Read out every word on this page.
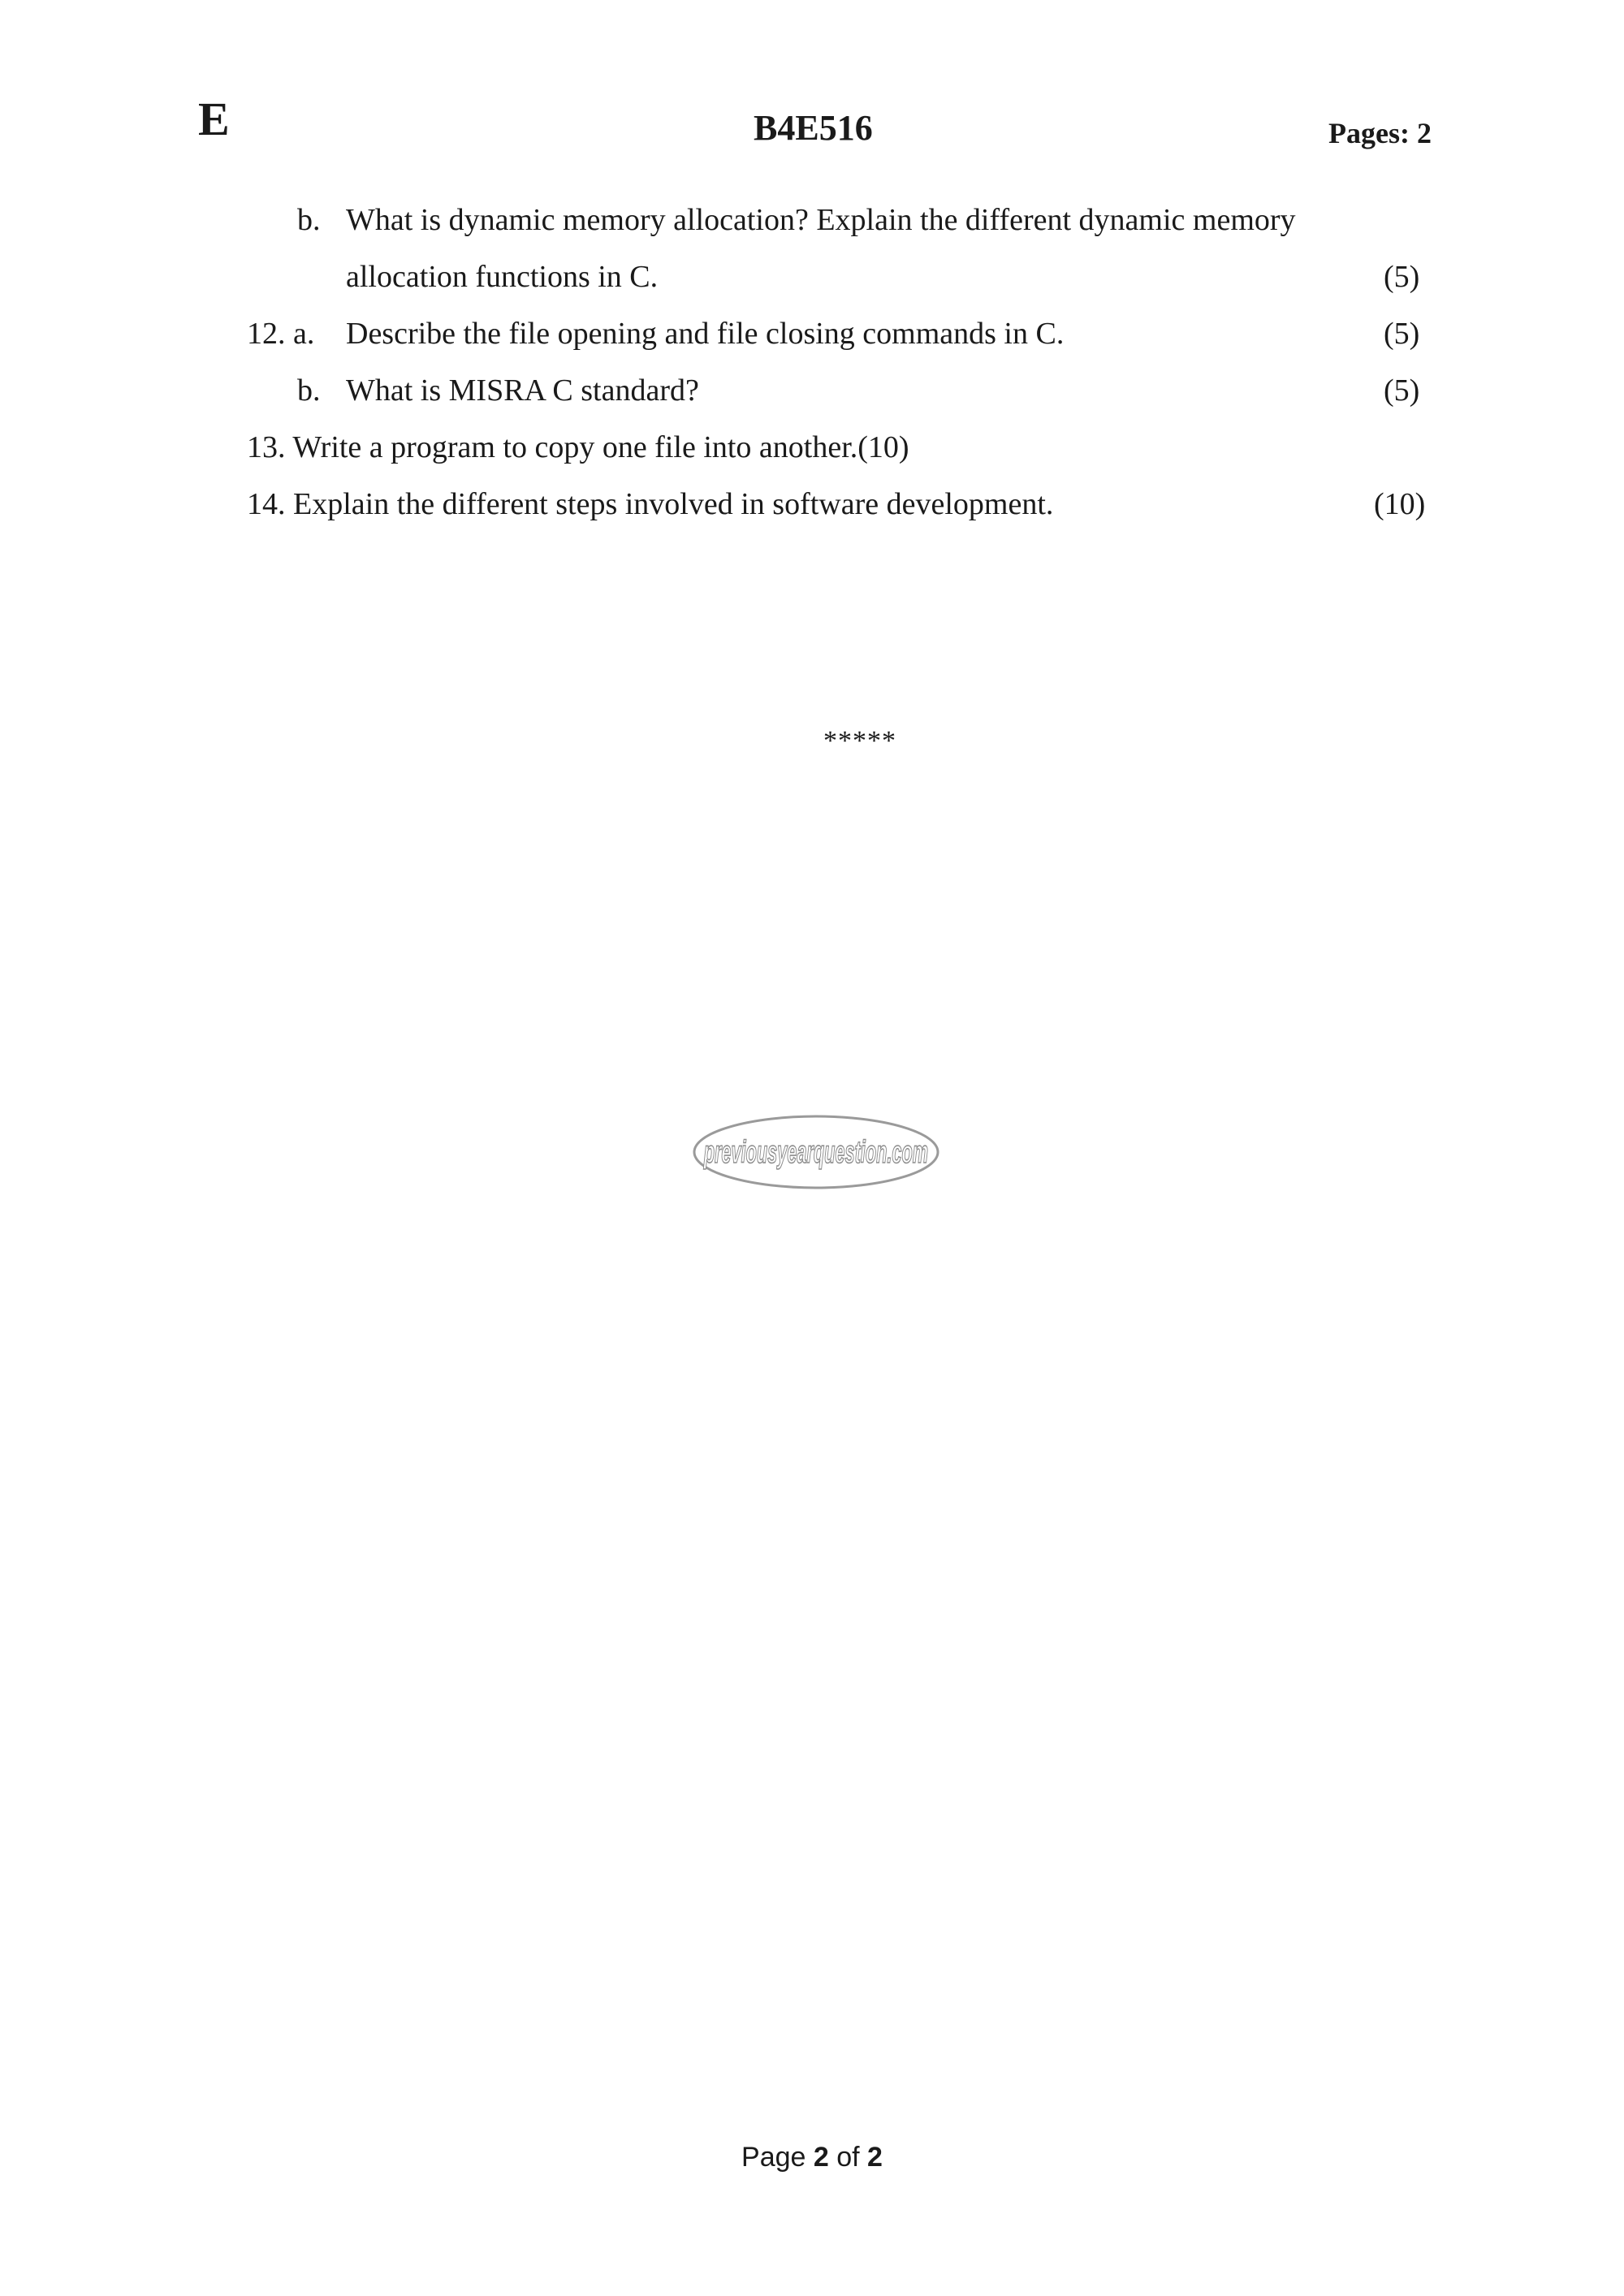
E	B4E516	Pages: 2
b. What is dynamic memory allocation? Explain the different dynamic memory
allocation functions in C.	(5)
12. a. Describe the file opening and file closing commands in C.	(5)
b. What is MISRA C standard?	(5)
13. Write a program to copy one file into another.(10)
14. Explain the different steps involved in software development.	(10)
*****
previousyearquestion.com
Page 2 of 2
